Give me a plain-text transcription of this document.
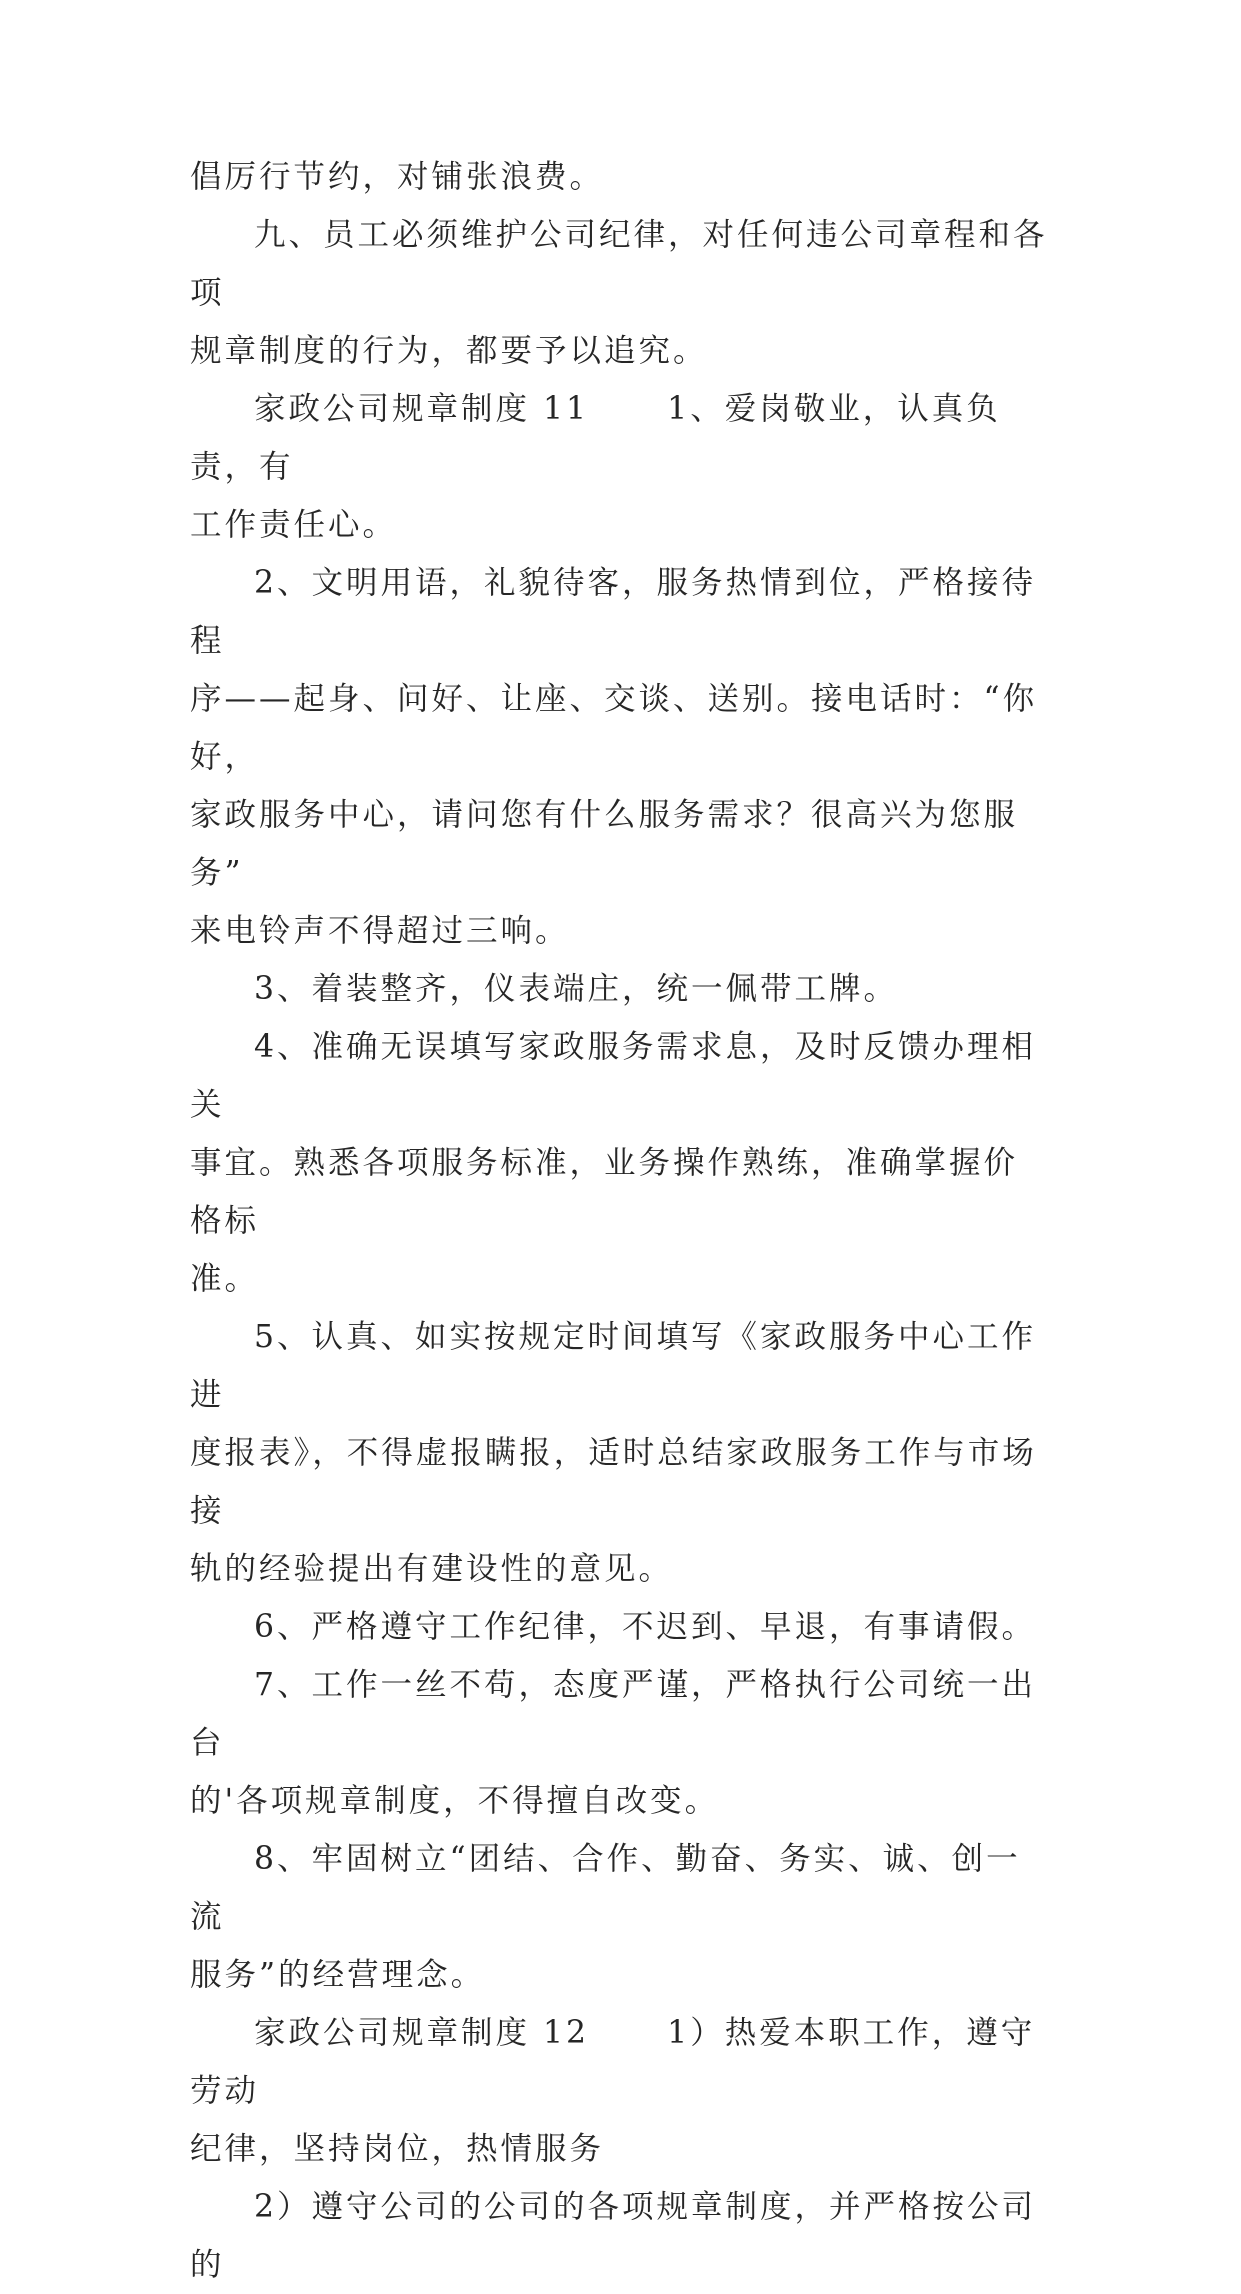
倡厉行节约，对铺张浪费。

九、员工必须维护公司纪律，对任何违公司章程和各项
规章制度的行为，都要予以追究。

家政公司规章制度 11      1、爱岗敬业，认真负责，有
工作责任心。

2、文明用语，礼貌待客，服务热情到位，严格接待程
序——起身、问好、让座、交谈、送别。接电话时：“你好，
家政服务中心，请问您有什么服务需求？很高兴为您服务”
来电铃声不得超过三响。

3、着装整齐，仪表端庄，统一佩带工牌。

4、准确无误填写家政服务需求息，及时反馈办理相关
事宜。熟悉各项服务标准，业务操作熟练，准确掌握价格标
准。

5、认真、如实按规定时间填写《家政服务中心工作进
度报表》，不得虚报瞒报，适时总结家政服务工作与市场接
轨的经验提出有建设性的意见。

6、严格遵守工作纪律，不迟到、早退，有事请假。

7、工作一丝不苟，态度严谨，严格执行公司统一出台
的'各项规章制度，不得擅自改变。

8、牢固树立“团结、合作、勤奋、务实、诚、创一流
服务”的经营理念。

家政公司规章制度 12      1）热爱本职工作，遵守劳动
纪律，坚持岗位，热情服务

2）遵守公司的公司的各项规章制度，并严格按公司的
